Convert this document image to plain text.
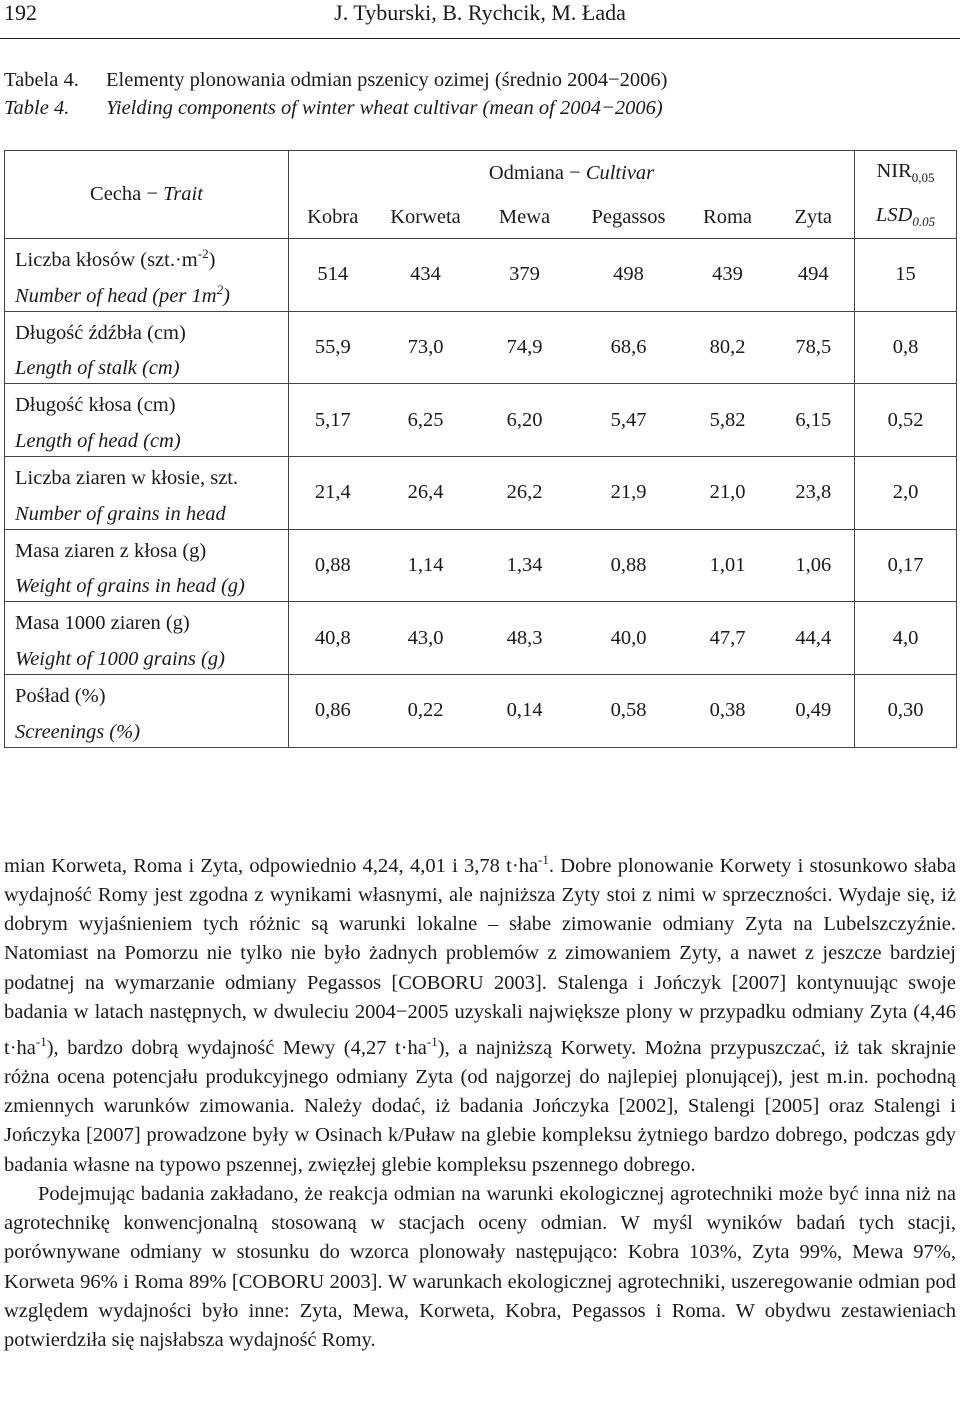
192	J. Tyburski, B. Rychcik, M. Łada
Tabela 4. Elementy plonowania odmian pszenicy ozimej (średnio 2004−2006)
Table 4. Yielding components of winter wheat cultivar (mean of 2004−2006)
Cecha − Trait	Odmiana − Cultivar						$NIR_{0,05}$
	Kobra	Korweta	Mewa	Pegassos	Roma	Zyta	$LSD_{0.05}$

Liczba kłosów $(szt.\cdot m^{-2})$
Number of head (per $1m^2$)	514	434	379	498	439	494	15

Długość źdźbła (cm)
Length of stalk (cm)	55,9	73,0	74,9	68,6	80,2	78,5	0,8

Długość kłosa (cm)
Length of head (cm)	5,17	6,25	6,20	5,47	5,82	6,15	0,52

Liczba ziaren w kłosie, szt.
Number of grains in head	21,4	26,4	26,2	21,9	21,0	23,8	2,0

Masa ziaren z kłosa (g)
Weight of grains in head (g)	0,88	1,14	1,34	0,88	1,01	1,06	0,17

Masa 1000 ziaren (g)
Weight of 1000 grains (g)	40,8	43,0	48,3	40,0	47,7	44,4	4,0

Pośład (%)
Screenings (%)	0,86	0,22	0,14	0,58	0,38	0,49	0,30

mian Korweta, Roma i Zyta, odpowiednio 4,24, 4,01 i 3,78 $t\cdot ha^{-1}$. Dobre plonowanie Korwety i stosunkowo słaba wydajność Romy jest zgodna z wynikami własnymi, ale najniższa Zyty stoi z nimi w sprzeczności. Wydaje się, iż dobrym wyjaśnieniem tych różnic są warunki lokalne – słabe zimowanie odmiany Zyta na Lubelszczyźnie. Natomiast na Pomorzu nie tylko nie było żadnych problemów z zimowaniem Zyty, a nawet z jeszcze bardziej podatnej na wymarzanie odmiany Pegassos [COBORU 2003]. Stalenga i Jończyk [2007] kontynuując swoje badania w latach następnych, w dwuleciu 2004−2005 uzyskali największe plony w przypadku odmiany Zyta (4,46 $t\cdot ha^{-1}$), bardzo dobrą wydajność Mewy (4,27 $t\cdot ha^{-1}$), a najniższą Korwety. Można przypuszczać, iż tak skrajnie różna ocena potencjału produkcyjnego odmiany Zyta (od najgorzej do najlepiej plonującej), jest m.in. pochodną zmiennych warunków zimowania. Należy dodać, iż badania Jończyka [2002], Stalengi [2005] oraz Stalengi i Jończyka [2007] prowadzone były w Osinach k/Puław na glebie kompleksu żytniego bardzo dobrego, podczas gdy badania własne na typowo pszennej, zwięzłej glebie kompleksu pszennego dobrego.

Podejmując badania zakładano, że reakcja odmian na warunki ekologicznej agrotechniki może być inna niż na agrotechnikę konwencjonalną stosowaną w stacjach oceny odmian. W myśl wyników badań tych stacji, porównywane odmiany w stosunku do wzorca plonowały następująco: Kobra 103%, Zyta 99%, Mewa 97%, Korweta 96% i Roma 89% [COBORU 2003]. W warunkach ekologicznej agrotechniki, uszeregowanie odmian pod względem wydajności było inne: Zyta, Mewa, Korweta, Kobra, Pegassos i Roma. W obydwu zestawieniach potwierdziła się najsłabsza wydajność Romy.
